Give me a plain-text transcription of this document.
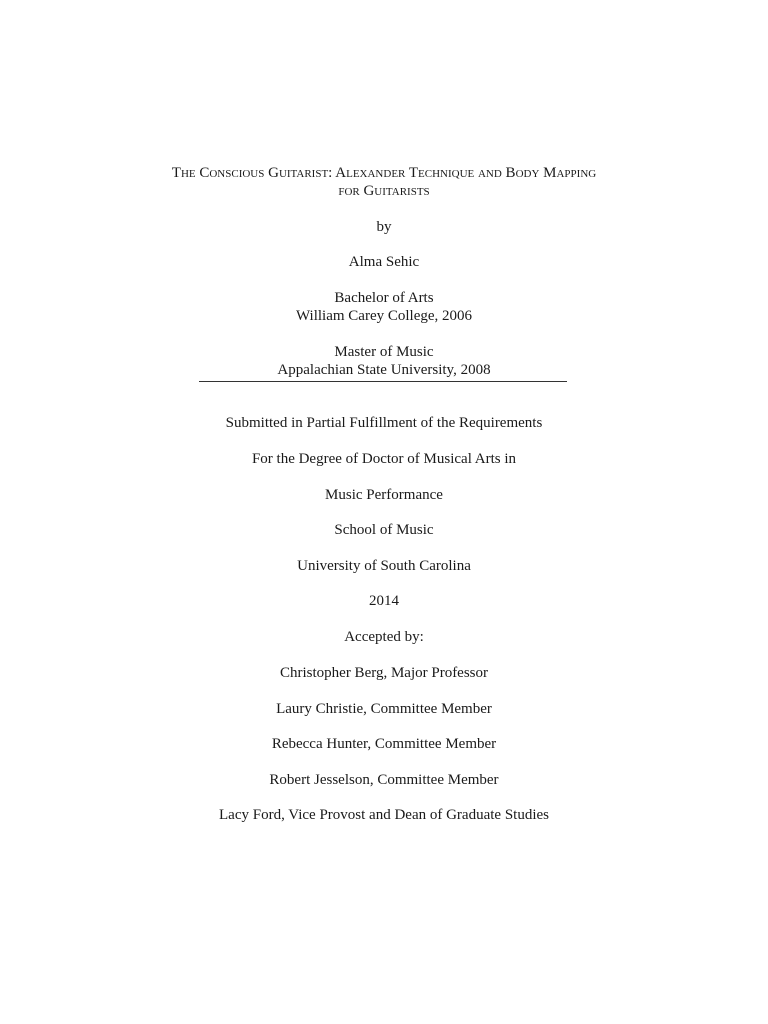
The Conscious Guitarist: Alexander Technique and Body Mapping
for Guitarists
by
Alma Sehic
Bachelor of Arts
William Carey College, 2006
Master of Music
Appalachian State University, 2008
Submitted in Partial Fulfillment of the Requirements
For the Degree of Doctor of Musical Arts in
Music Performance
School of Music
University of South Carolina
2014
Accepted by:
Christopher Berg, Major Professor
Laury Christie, Committee Member
Rebecca Hunter, Committee Member
Robert Jesselson, Committee Member
Lacy Ford, Vice Provost and Dean of Graduate Studies
